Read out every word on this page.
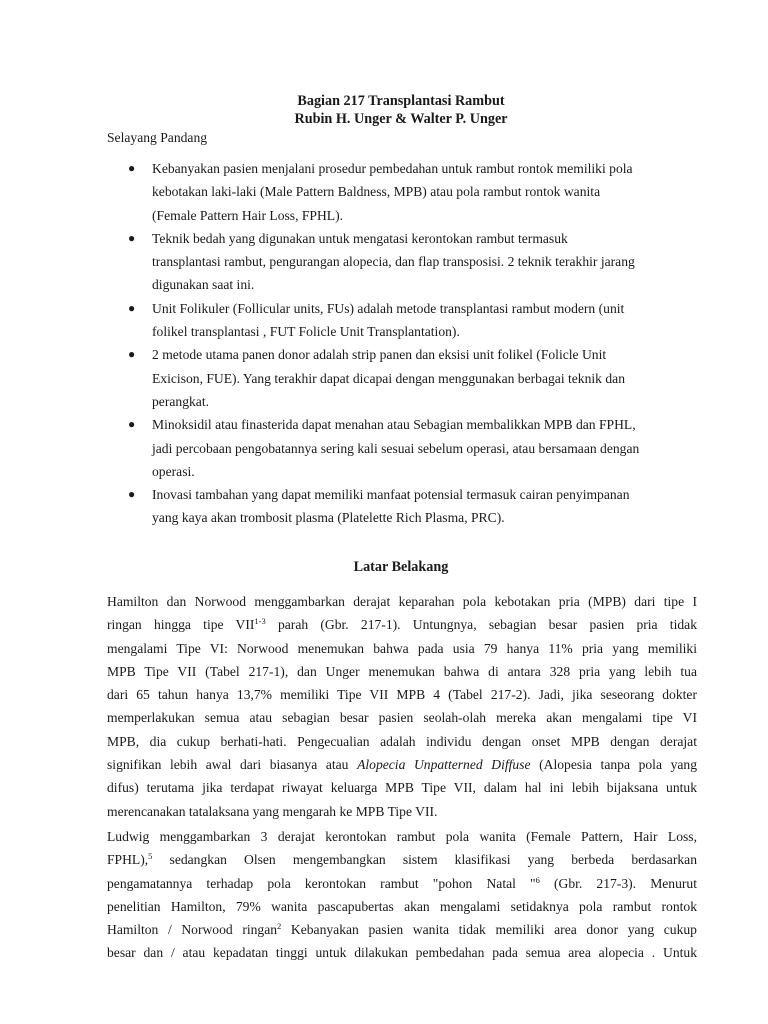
Bagian 217 Transplantasi Rambut
Rubin H. Unger & Walter P. Unger
Selayang Pandang
● Kebanyakan pasien menjalani prosedur pembedahan untuk rambut rontok memiliki pola
kebotakan laki-laki (Male Pattern Baldness, MPB) atau pola rambut rontok wanita
(Female Pattern Hair Loss, FPHL).
● Teknik bedah yang digunakan untuk mengatasi kerontokan rambut termasuk
transplantasi rambut, pengurangan alopecia, dan flap transposisi. 2 teknik terakhir jarang
digunakan saat ini.
● Unit Folikuler (Follicular units, FUs) adalah metode transplantasi rambut modern (unit
folikel transplantasi , FUT Folicle Unit Transplantation).
● 2 metode utama panen donor adalah strip panen dan eksisi unit folikel (Folicle Unit
Exicison, FUE). Yang terakhir dapat dicapai dengan menggunakan berbagai teknik dan
perangkat.
● Minoksidil atau finasterida dapat menahan atau Sebagian membalikkan MPB dan FPHL,
jadi percobaan pengobatannya sering kali sesuai sebelum operasi, atau bersamaan dengan
operasi.
● Inovasi tambahan yang dapat memiliki manfaat potensial termasuk cairan penyimpanan
yang kaya akan trombosit plasma (Platelette Rich Plasma, PRC).
Latar Belakang
Hamilton dan Norwood menggambarkan derajat keparahan pola kebotakan pria (MPB) dari tipe I
ringan hingga tipe VII$^{1-3}$ parah (Gbr. 217-1). Untungnya, sebagian besar pasien pria tidak
mengalami Tipe VI: Norwood menemukan bahwa pada usia 79 hanya 11% pria yang memiliki
MPB Tipe VII (Tabel 217-1), dan Unger menemukan bahwa di antara 328 pria yang lebih tua
dari 65 tahun hanya 13,7% memiliki Tipe VII MPB 4 (Tabel 217-2). Jadi, jika seseorang dokter
memperlakukan semua atau sebagian besar pasien seolah-olah mereka akan mengalami tipe VI
MPB, dia cukup berhati-hati. Pengecualian adalah individu dengan onset MPB dengan derajat
signifikan lebih awal dari biasanya atau Alopecia Unpatterned Diffuse (Alopesia tanpa pola yang
difus) terutama jika terdapat riwayat keluarga MPB Tipe VII, dalam hal ini lebih bijaksana untuk
merencanakan tatalaksana yang mengarah ke MPB Tipe VII.
Ludwig menggambarkan 3 derajat kerontokan rambut pola wanita (Female Pattern, Hair Loss,
FPHL),$^5$ sedangkan Olsen mengembangkan sistem klasifikasi yang berbeda berdasarkan
pengamatannya terhadap pola kerontokan rambut "pohon Natal "$^6$ (Gbr. 217-3). Menurut
penelitian Hamilton, 79% wanita pascapubertas akan mengalami setidaknya pola rambut rontok
Hamilton / Norwood ringan$^2$ Kebanyakan pasien wanita tidak memiliki area donor yang cukup
besar dan / atau kepadatan tinggi untuk dilakukan pembedahan pada semua area alopecia . Untuk
